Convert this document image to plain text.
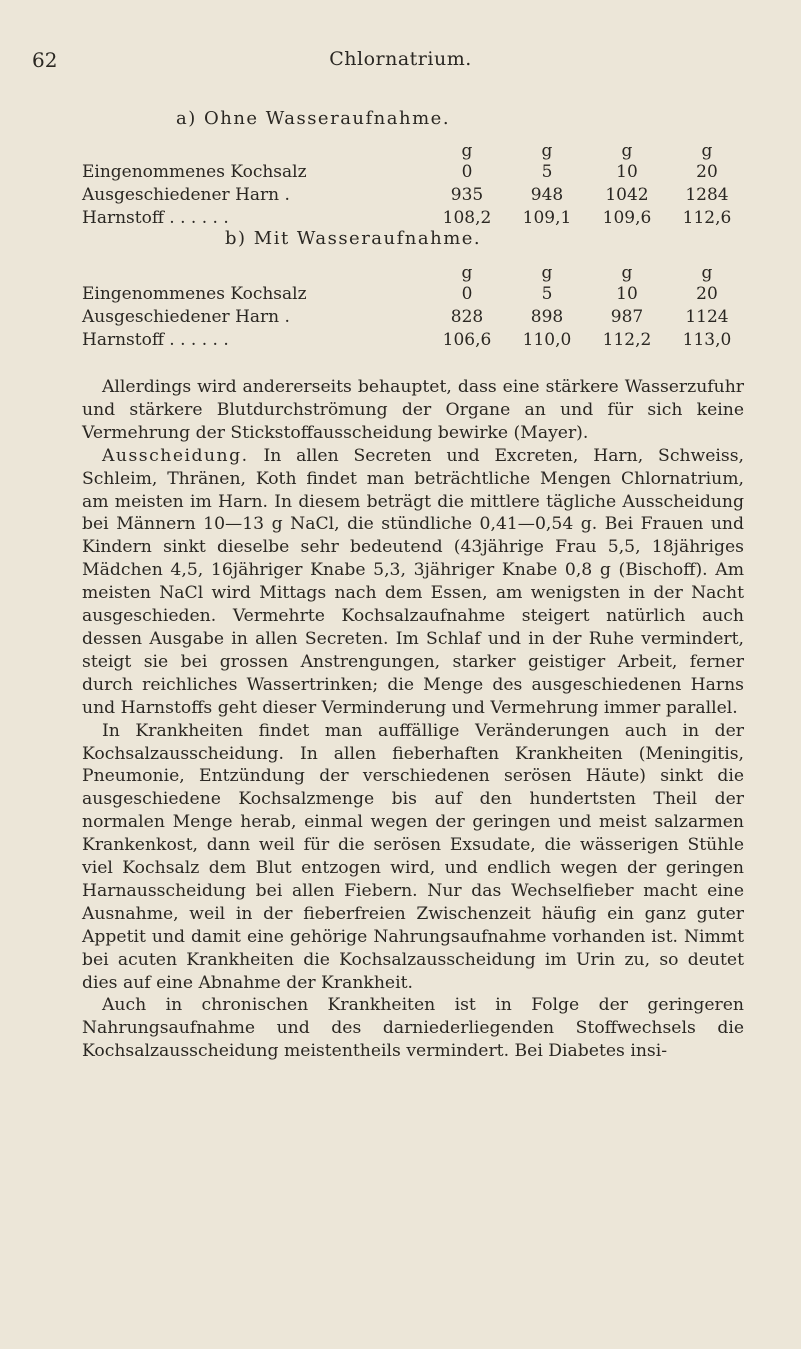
62	Chlornatrium.
a) Ohne Wasseraufnahme.
	g	g	g	g
Eingenommenes Kochsalz	0	5	10	20
Ausgeschiedener Harn .	935	948	1042	1284
Harnstoff . . . . . .	108,2	109,1	109,6	112,6
b) Mit Wasseraufnahme.
	g	g	g	g
Eingenommenes Kochsalz	0	5	10	20
Ausgeschiedener Harn .	828	898	987	1124
Harnstoff . . . . . .	106,6	110,0	112,2	113,0

Allerdings wird andererseits behauptet, dass eine stärkere Wasserzufuhr und stärkere Blutdurchströmung der Organe an und für sich keine Vermehrung der Stickstoffausscheidung bewirke (Mayer).

Ausscheidung. In allen Secreten und Excreten, Harn, Schweiss, Schleim, Thränen, Koth findet man beträchtliche Mengen Chlornatrium, am meisten im Harn. In diesem beträgt die mittlere tägliche Ausscheidung bei Männern 10—13 g NaCl, die stündliche 0,41—0,54 g. Bei Frauen und Kindern sinkt dieselbe sehr bedeutend (43jährige Frau 5,5, 18jähriges Mädchen 4,5, 16jähriger Knabe 5,3, 3jähriger Knabe 0,8 g (Bischoff). Am meisten NaCl wird Mittags nach dem Essen, am wenigsten in der Nacht ausgeschieden. Vermehrte Kochsalzaufnahme steigert natürlich auch dessen Ausgabe in allen Secreten. Im Schlaf und in der Ruhe vermindert, steigt sie bei grossen Anstrengungen, starker geistiger Arbeit, ferner durch reichliches Wassertrinken; die Menge des ausgeschiedenen Harns und Harnstoffs geht dieser Verminderung und Vermehrung immer parallel.

In Krankheiten findet man auffällige Veränderungen auch in der Kochsalzausscheidung. In allen fieberhaften Krankheiten (Meningitis, Pneumonie, Entzündung der verschiedenen serösen Häute) sinkt die ausgeschiedene Kochsalzmenge bis auf den hundertsten Theil der normalen Menge herab, einmal wegen der geringen und meist salzarmen Krankenkost, dann weil für die serösen Exsudate, die wässerigen Stühle viel Kochsalz dem Blut entzogen wird, und endlich wegen der geringen Harnausscheidung bei allen Fiebern. Nur das Wechselfieber macht eine Ausnahme, weil in der fieberfreien Zwischenzeit häufig ein ganz guter Appetit und damit eine gehörige Nahrungsaufnahme vorhanden ist. Nimmt bei acuten Krankheiten die Kochsalzausscheidung im Urin zu, so deutet dies auf eine Abnahme der Krankheit.

Auch in chronischen Krankheiten ist in Folge der geringeren Nahrungsaufnahme und des darniederliegenden Stoffwechsels die Kochsalzausscheidung meistentheils vermindert. Bei Diabetes insi-
